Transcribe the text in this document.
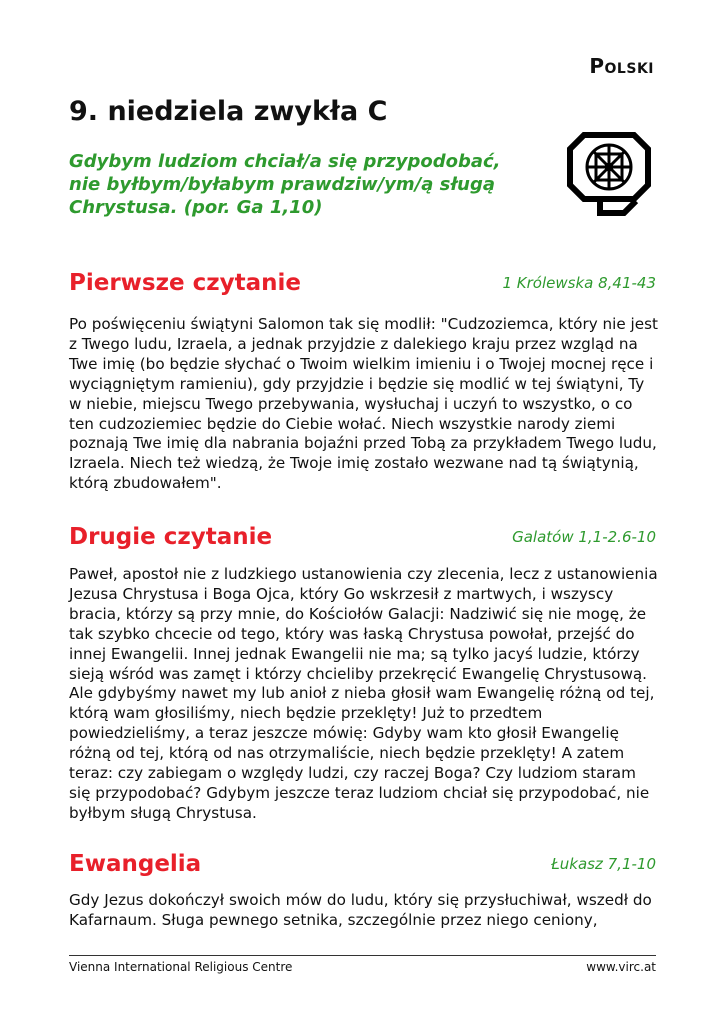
Polski
9. niedziela zwykła C
Gdybym ludziom chciał/a się przypodobać, nie byłbym/byłabym prawdziw/ym/ą sługą Chrystusa. (por. Ga 1,10)
Pierwsze czytanie	1 Królewska 8,41-43
Po poświęceniu świątyni Salomon tak się modlił: "Cudzoziemca, który nie jest z Twego ludu, Izraela, a jednak przyjdzie z dalekiego kraju przez wzgląd na Twe imię (bo będzie słychać o Twoim wielkim imieniu i o Twojej mocnej ręce i wyciągniętym ramieniu), gdy przyjdzie i będzie się modlić w tej świątyni, Ty w niebie, miejscu Twego przebywania, wysłuchaj i uczyń to wszystko, o co ten cudzoziemiec będzie do Ciebie wołać. Niech wszystkie narody ziemi poznają Twe imię dla nabrania bojaźni przed Tobą za przykładem Twego ludu, Izraela. Niech też wiedzą, że Twoje imię zostało wezwane nad tą świątynią, którą zbudowałem".
Drugie czytanie	Galatów 1,1-2.6-10
Paweł, apostoł nie z ludzkiego ustanowienia czy zlecenia, lecz z ustanowienia Jezusa Chrystusa i Boga Ojca, który Go wskrzesił z martwych, i wszyscy bracia, którzy są przy mnie, do Kościołów Galacji: Nadziwić się nie mogę, że tak szybko chcecie od tego, który was łaską Chrystusa powołał, przejść do innej Ewangelii. Innej jednak Ewangelii nie ma; są tylko jacyś ludzie, którzy sieją wśród was zamęt i którzy chcieliby przekręcić Ewangelię Chrystusową. Ale gdybyśmy nawet my lub anioł z nieba głosił wam Ewangelię różną od tej, którą wam głosiliśmy, niech będzie przeklęty! Już to przedtem powiedzieliśmy, a teraz jeszcze mówię: Gdyby wam kto głosił Ewangelię różną od tej, którą od nas otrzymaliście, niech będzie przeklęty! A zatem teraz: czy zabiegam o względy ludzi, czy raczej Boga? Czy ludziom staram się przypodobać? Gdybym jeszcze teraz ludziom chciał się przypodobać, nie byłbym sługą Chrystusa.
Ewangelia	Łukasz 7,1-10
Gdy Jezus dokończył swoich mów do ludu, który się przysłuchiwał, wszedł do Kafarnaum. Sługa pewnego setnika, szczególnie przez niego ceniony,
Vienna International Religious Centre	www.virc.at
